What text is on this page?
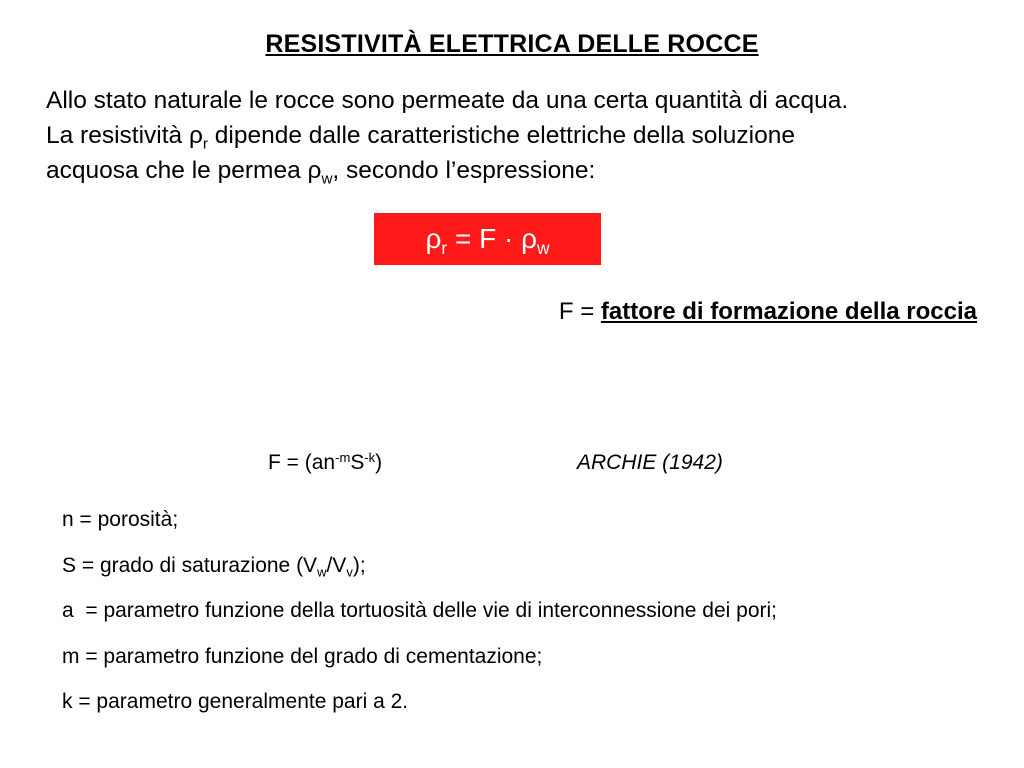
RESISTIVITÀ ELETTRICA DELLE ROCCE
Allo stato naturale le rocce sono permeate da una certa quantità di acqua.
La resistività $\rho_r$ dipende dalle caratteristiche elettriche della soluzione
acquosa che le permea $\rho_w$, secondo l’espressione:
$\rho_r = F \cdot \rho_w$
F = fattore di formazione della roccia
$F = (an^{-m}S^{-k})$	ARCHIE (1942)
n = porosità;
S = grado di saturazione $(V_w/V_v)$;
a  = parametro funzione della tortuosità delle vie di interconnessione dei pori;
m = parametro funzione del grado di cementazione;
k = parametro generalmente pari a 2.
